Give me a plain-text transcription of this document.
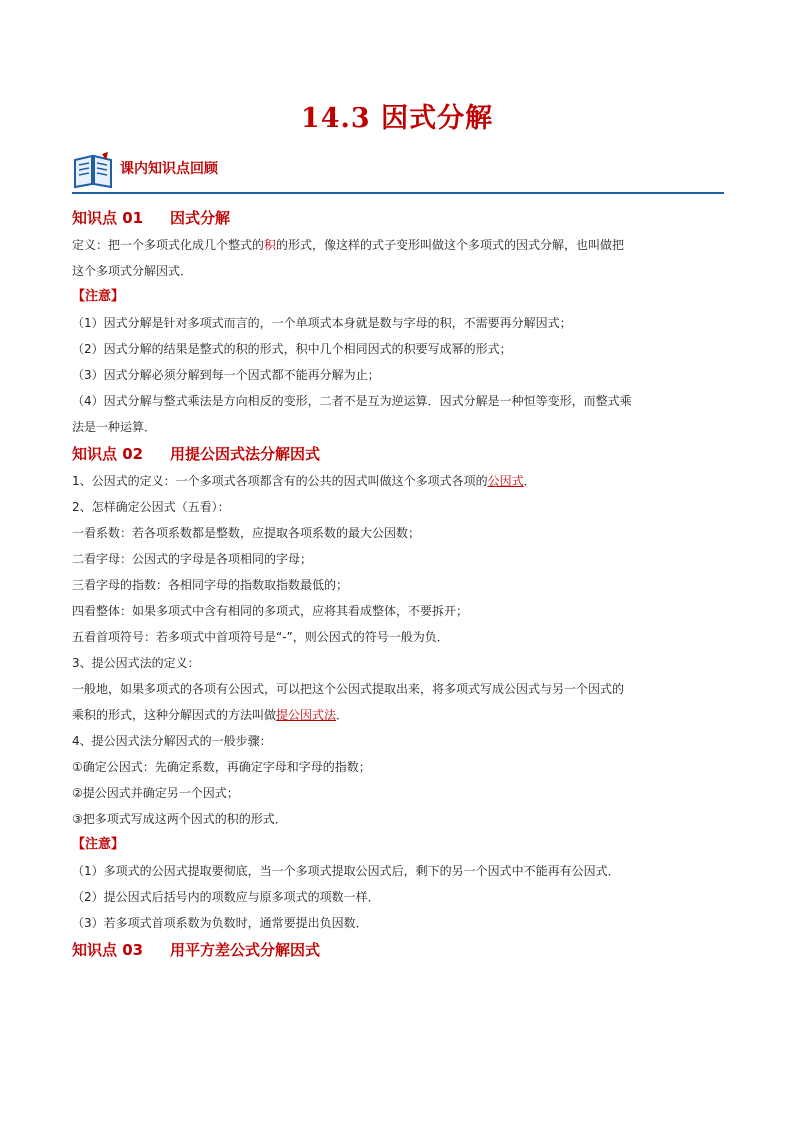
14.3 因式分解
课内知识点回顾
知识点 01 因式分解

定义：把一个多项式化成几个整式的积的形式，像这样的式子变形叫做这个多项式的因式分解，也叫做把

这个多项式分解因式．

【注意】

（1）因式分解是针对多项式而言的，一个单项式本身就是数与字母的积，不需要再分解因式；

（2）因式分解的结果是整式的积的形式，积中几个相同因式的积要写成幂的形式；

（3）因式分解必须分解到每一个因式都不能再分解为止；

（4）因式分解与整式乘法是方向相反的变形，二者不是互为逆运算．因式分解是一种恒等变形，而整式乘

法是一种运算．

知识点 02 用提公因式法分解因式

1、公因式的定义：一个多项式各项都含有的公共的因式叫做这个多项式各项的公因式．

2、怎样确定公因式（五看）：

一看系数：若各项系数都是整数，应提取各项系数的最大公因数；

二看字母：公因式的字母是各项相同的字母；

三看字母的指数：各相同字母的指数取指数最低的；

四看整体：如果多项式中含有相同的多项式，应将其看成整体，不要拆开；

五看首项符号：若多项式中首项符号是“-”，则公因式的符号一般为负．

3、提公因式法的定义：

一般地，如果多项式的各项有公因式，可以把这个公因式提取出来，将多项式写成公因式与另一个因式的

乘积的形式，这种分解因式的方法叫做提公因式法．

4、提公因式法分解因式的一般步骤：

①确定公因式：先确定系数，再确定字母和字母的指数；

②提公因式并确定另一个因式；

③把多项式写成这两个因式的积的形式．

【注意】

（1）多项式的公因式提取要彻底，当一个多项式提取公因式后，剩下的另一个因式中不能再有公因式．

（2）提公因式后括号内的项数应与原多项式的项数一样．

（3）若多项式首项系数为负数时，通常要提出负因数．

知识点 03 用平方差公式分解因式
